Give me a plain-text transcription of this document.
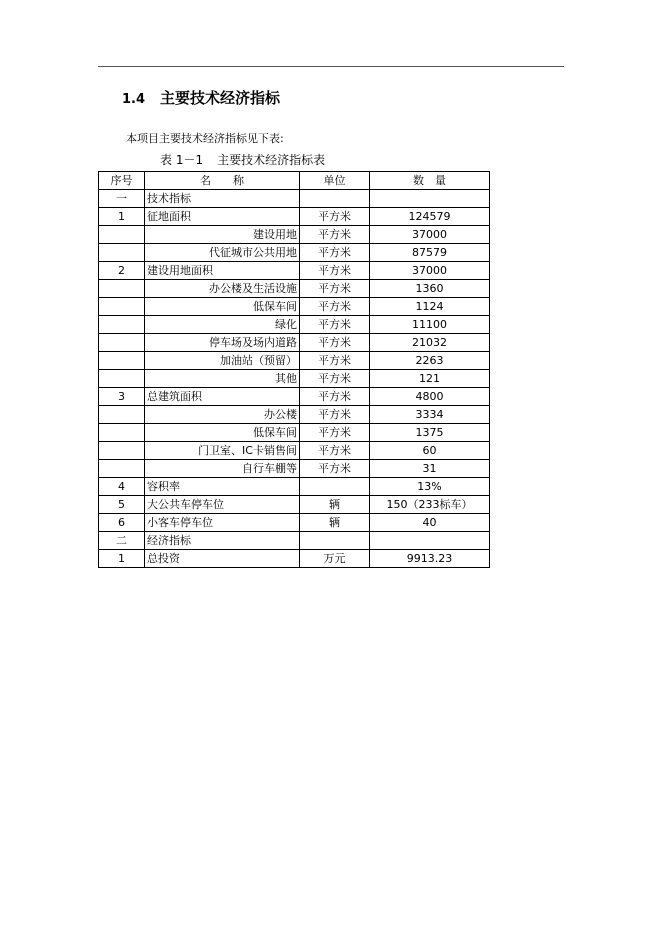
1.4 主要技术经济指标
本项目主要技术经济指标见下表:
表 1－1 主要技术经济指标表
序号	名　　称	单位	数　量
一	技术指标		
1	征地面积	平方米	124579
	建设用地	平方米	37000
	代征城市公共用地	平方米	87579
2	建设用地面积	平方米	37000
	办公楼及生活设施	平方米	1360
	低保车间	平方米	1124
	绿化	平方米	11100
	停车场及场内道路	平方米	21032
	加油站（预留）	平方米	2263
	其他	平方米	121
3	总建筑面积	平方米	4800
	办公楼	平方米	3334
	低保车间	平方米	1375
	门卫室、IC卡销售间	平方米	60
	自行车棚等	平方米	31
4	容积率		13%
5	大公共车停车位	辆	150（233标车）
6	小客车停车位	辆	40
二	经济指标		
1	总投资	万元	9913.23
